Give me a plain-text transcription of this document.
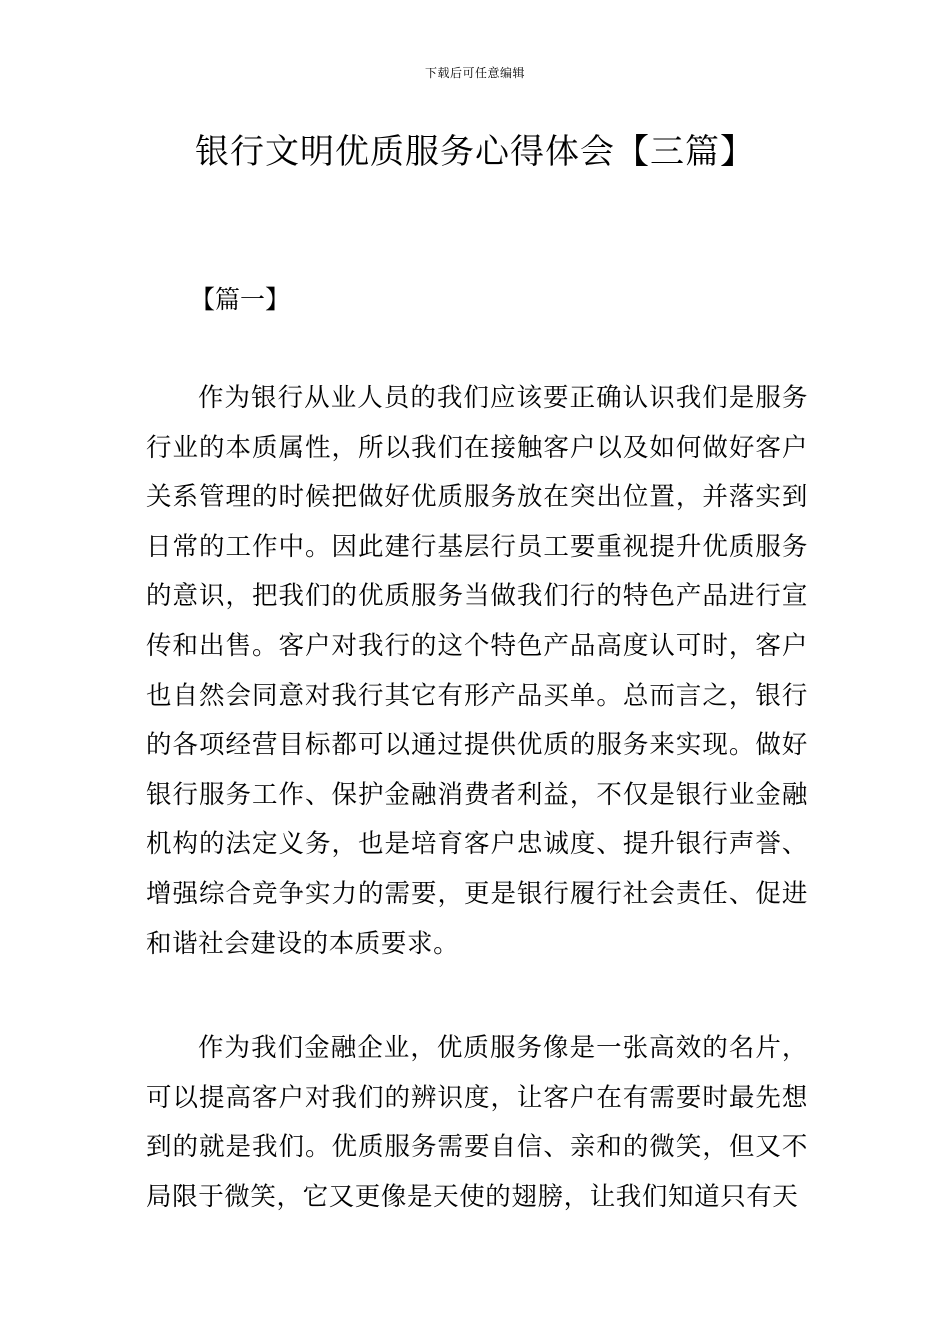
下载后可任意编辑
银行文明优质服务心得体会【三篇】
【篇一】

作为银行从业人员的我们应该要正确认识我们是服务行业的本质属性，所以我们在接触客户以及如何做好客户关系管理的时候把做好优质服务放在突出位置，并落实到日常的工作中。因此建行基层行员工要重视提升优质服务的意识，把我们的优质服务当做我们行的特色产品进行宣传和出售。客户对我行的这个特色产品高度认可时，客户也自然会同意对我行其它有形产品买单。总而言之，银行的各项经营目标都可以通过提供优质的服务来实现。做好银行服务工作、保护金融消费者利益，不仅是银行业金融机构的法定义务，也是培育客户忠诚度、提升银行声誉、增强综合竞争实力的需要，更是银行履行社会责任、促进和谐社会建设的本质要求。

作为我们金融企业，优质服务像是一张高效的名片，可以提高客户对我们的辨识度，让客户在有需要时最先想到的就是我们。优质服务需要自信、亲和的微笑，但又不局限于微笑，它又更像是天使的翅膀，让我们知道只有天
